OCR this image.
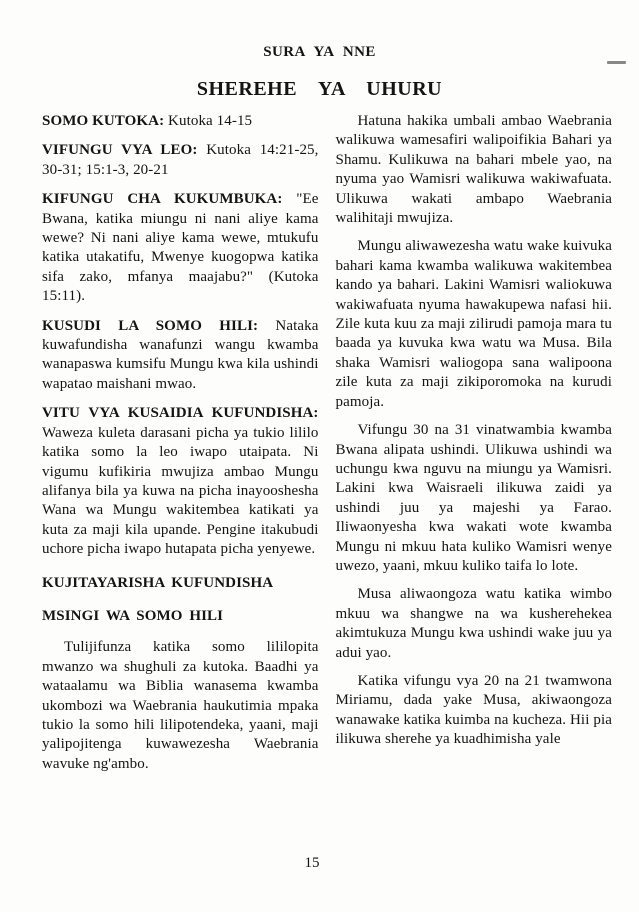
SURA YA NNE
SHEREHE YA UHURU

SOMO KUTOKA: Kutoka 14-15

VIFUNGU VYA LEO: Kutoka 14:21-25, 30-31; 15:1-3, 20-21

KIFUNGU CHA KUKUMBUKA: "Ee Bwana, katika miungu ni nani aliye kama wewe? Ni nani aliye kama wewe, mtukufu katika utakatifu, Mwenye kuogopwa katika sifa zako, mfanya maajabu?" (Kutoka 15:11).

KUSUDI LA SOMO HILI: Nataka kuwafundisha wanafunzi wangu kwamba wanapaswa kumsifu Mungu kwa kila ushindi wapatao maishani mwao.

VITU VYA KUSAIDIA KUFUNDISHA: Waweza kuleta darasani picha ya tukio lililo katika somo la leo iwapo utaipata. Ni vigumu kufikiria mwujiza ambao Mungu alifanya bila ya kuwa na picha inayooshesha Wana wa Mungu wakitembea katikati ya kuta za maji kila upande. Pengine itakubudi uchore picha iwapo hutapata picha yenyewe.

KUJITAYARISHA KUFUNDISHA
MSINGI WA SOMO HILI

Tulijifunza katika somo lililopita mwanzo wa shughuli za kutoka. Baadhi ya wataalamu wa Biblia wanasema kwamba ukombozi wa Waebrania haukutimia mpaka tukio la somo hili lilipotendeka, yaani, maji yalipojitenga kuwawezesha Waebrania wavuke ng'ambo.

Hatuna hakika umbali ambao Waebrania walikuwa wamesafiri walipoifikia Bahari ya Shamu. Kulikuwa na bahari mbele yao, na nyuma yao Wamisri walikuwa wakiwafuata. Ulikuwa wakati ambapo Waebrania walihitaji mwujiza.

Mungu aliwawezesha watu wake kuivuka bahari kama kwamba walikuwa wakitembea kando ya bahari. Lakini Wamisri waliokuwa wakiwafuata nyuma hawakupewa nafasi hii. Zile kuta kuu za maji zilirudi pamoja mara tu baada ya kuvuka kwa watu wa Musa. Bila shaka Wamisri waliogopa sana walipoona zile kuta za maji zikiporomoka na kurudi pamoja.

Vifungu 30 na 31 vinatwambia kwamba Bwana alipata ushindi. Ulikuwa ushindi wa uchungu kwa nguvu na miungu ya Wamisri. Lakini kwa Waisraeli ilikuwa zaidi ya ushindi juu ya majeshi ya Farao. Iliwaonyesha kwa wakati wote kwamba Mungu ni mkuu hata kuliko Wamisri wenye uwezo, yaani, mkuu kuliko taifa lo lote.

Musa aliwaongoza watu katika wimbo mkuu wa shangwe na wa kusherehekea akimtukuza Mungu kwa ushindi wake juu ya adui yao.

Katika vifungu vya 20 na 21 twamwona Miriamu, dada yake Musa, akiwaongoza wanawake katika kuimba na kucheza. Hii pia ilikuwa sherehe ya kuadhimisha yale

15
